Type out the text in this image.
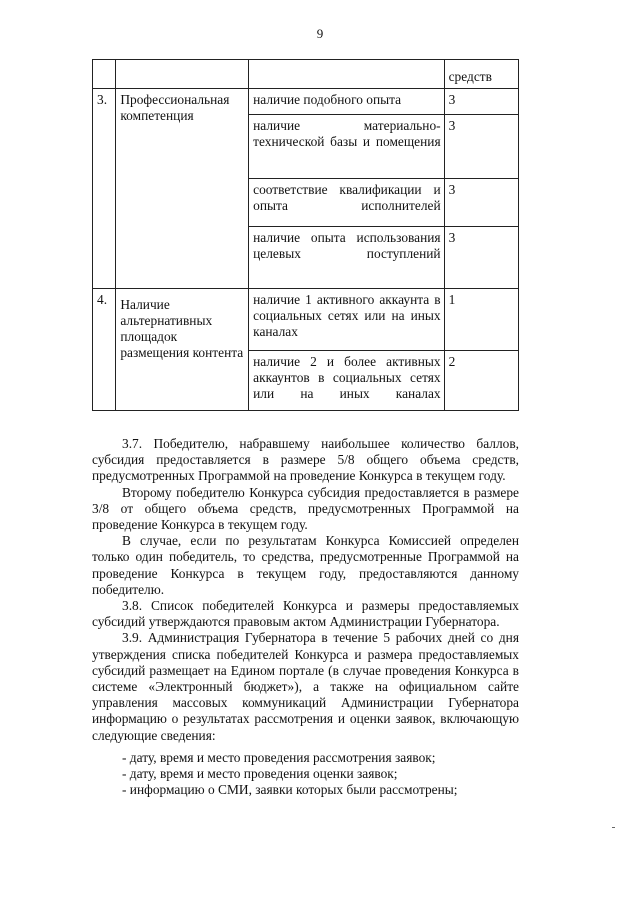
9
			средств
3.	Профессиональная компетенция	наличие подобного опыта	3
		наличие материально-технической базы и помещения	3
		соответствие квалификации и опыта исполнителей	3
		наличие опыта использования целевых поступлений	3
4.	Наличие альтернативных площадок размещения контента	наличие 1 активного аккаунта в социальных сетях или на иных каналах	1
		наличие 2 и более активных аккаунтов в социальных сетях или на иных каналах	2

3.7. Победителю, набравшему наибольшее количество баллов, субсидия предоставляется в размере 5/8 общего объема средств, предусмотренных Программой на проведение Конкурса в текущем году.

Второму победителю Конкурса субсидия предоставляется в размере 3/8 от общего объема средств, предусмотренных Программой на проведение Конкурса в текущем году.

В случае, если по результатам Конкурса Комиссией определен только один победитель, то средства, предусмотренные Программой на проведение Конкурса в текущем году, предоставляются данному победителю.

3.8. Список победителей Конкурса и размеры предоставляемых субсидий утверждаются правовым актом Администрации Губернатора.

3.9. Администрация Губернатора в течение 5 рабочих дней со дня утверждения списка победителей Конкурса и размера предоставляемых субсидий размещает на Едином портале (в случае проведения Конкурса в системе «Электронный бюджет»), а также на официальном сайте управления массовых коммуникаций Администрации Губернатора информацию о результатах рассмотрения и оценки заявок, включающую следующие сведения:

- дату, время и место проведения рассмотрения заявок;
- дату, время и место проведения оценки заявок;
- информацию о СМИ, заявки которых были рассмотрены;
